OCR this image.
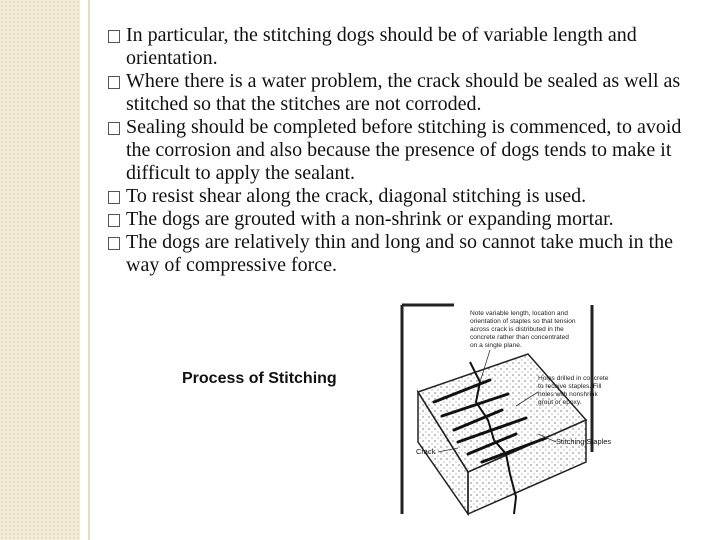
In particular, the stitching dogs should be of variable length and orientation.
Where there is a water problem, the crack should be sealed as well as stitched so that the stitches are not corroded.
Sealing should be completed before stitching is commenced, to avoid the corrosion and also because the presence of dogs tends to make it difficult to apply the sealant.
To resist shear along the crack, diagonal stitching is used.
The dogs are grouted with a non-shrink or expanding mortar.
The dogs are relatively thin and long and so cannot take much in the way of compressive force.
Process of Stitching
Note variable length, location and orientation of staples so that tension across crack is distributed in the concrete rather than concentrated on a single plane.
Holes drilled in concrete to receive staples. Fill holes with nonshrink grout or epoxy.
Stitching Staples
Crack
